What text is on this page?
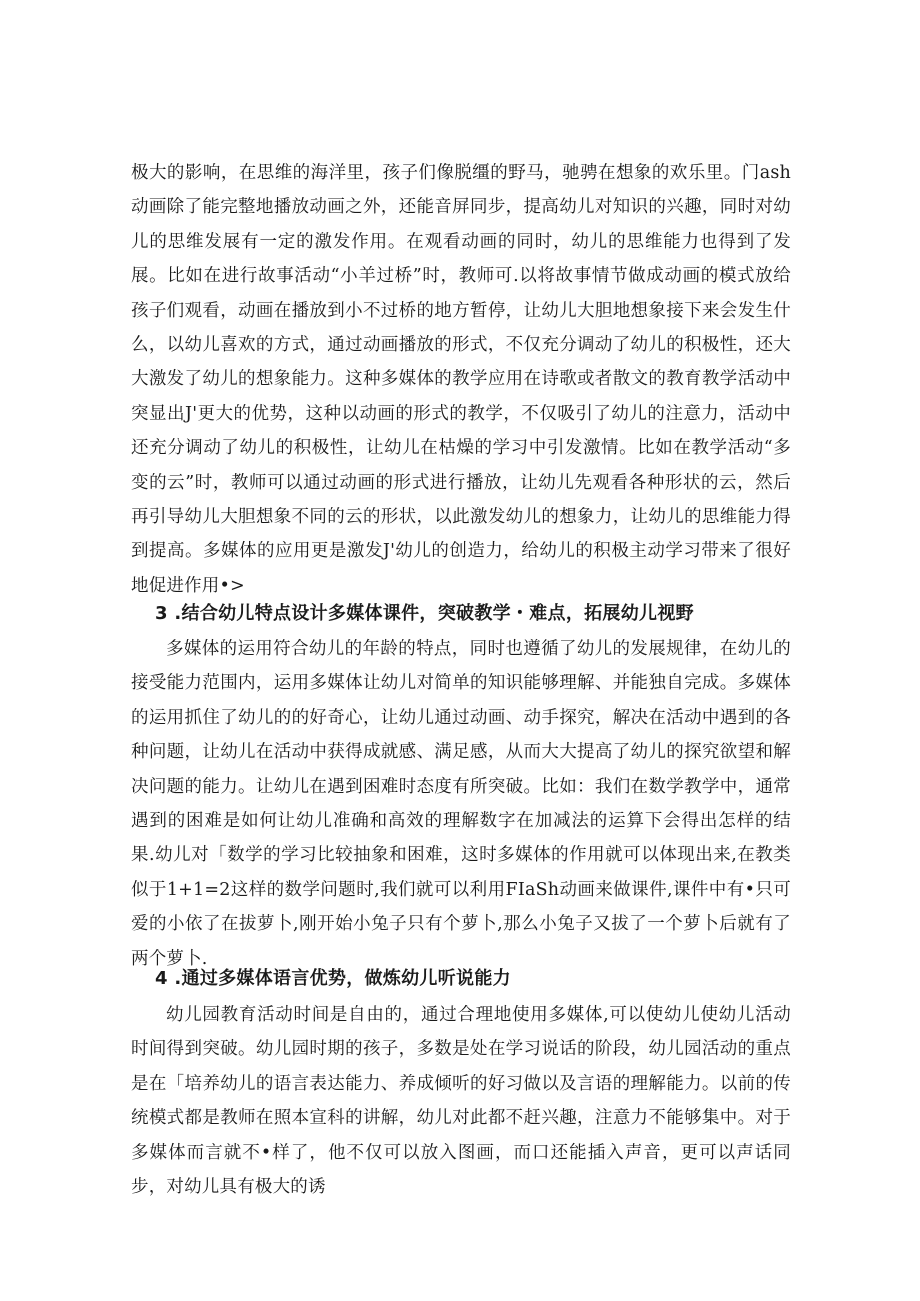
极大的影响，在思维的海洋里，孩子们像脱缰的野马，驰骋在想象的欢乐里。门ash动画除了能完整地播放动画之外，还能音屏同步，提高幼儿对知识的兴趣，同时对幼儿的思维发展有一定的激发作用。在观看动画的同时，幼儿的思维能力也得到了发展。比如在进行故事活动“小羊过桥”时，教师可.以将故事情节做成动画的模式放给孩子们观看，动画在播放到小不过桥的地方暂停，让幼儿大胆地想象接下来会发生什么，以幼儿喜欢的方式，通过动画播放的形式，不仅充分调动了幼儿的积极性，还大大激发了幼儿的想象能力。这种多媒体的教学应用在诗歌或者散文的教育教学活动中突显出J'更大的优势，这种以动画的形式的教学，不仅吸引了幼儿的注意力，活动中还充分调动了幼儿的积极性，让幼儿在枯燥的学习中引发激情。比如在教学活动“多变的云”时，教师可以通过动画的形式进行播放，让幼儿先观看各种形状的云，然后再引导幼儿大胆想象不同的云的形状，以此激发幼儿的想象力，让幼儿的思维能力得到提高。多媒体的应用更是激发J'幼儿的创造力，给幼儿的积极主动学习带来了很好地促进作用•>

3 .结合幼儿特点设计多媒体课件，突破教学・难点，拓展幼儿视野

多媒体的运用符合幼儿的年龄的特点，同时也遵循了幼儿的发展规律，在幼儿的接受能力范围内，运用多媒体让幼儿对简单的知识能够理解、并能独自完成。多媒体的运用抓住了幼儿的的好奇心，让幼儿通过动画、动手探究，解决在活动中遇到的各种问题，让幼儿在活动中获得成就感、满足感，从而大大提高了幼儿的探究欲望和解决问题的能力。让幼儿在遇到困难时态度有所突破。比如：我们在数学教学中，通常遇到的困难是如何让幼儿准确和高效的理解数字在加减法的运算下会得出怎样的结果.幼儿对「数学的学习比较抽象和困难，这时多媒体的作用就可以体现出来,在教类似于1+1=2这样的数学问题时,我们就可以利用FIaSh动画来做课件,课件中有•只可爱的小依了在拔萝卜,刚开始小兔子只有个萝卜,那么小兔子又拔了一个萝卜后就有了两个萝卜.

4 .通过多媒体语言优势，做炼幼儿听说能力

幼儿园教育活动时间是自由的，通过合理地使用多媒体,可以使幼儿使幼儿活动时间得到突破。幼儿园时期的孩子，多数是处在学习说话的阶段，幼儿园活动的重点是在「培养幼儿的语言表达能力、养成倾听的好习做以及言语的理解能力。以前的传统模式都是教师在照本宣科的讲解，幼儿对此都不赶兴趣，注意力不能够集中。对于多媒体而言就不•样了，他不仅可以放入图画，而口还能插入声音，更可以声话同步，对幼儿具有极大的诱
